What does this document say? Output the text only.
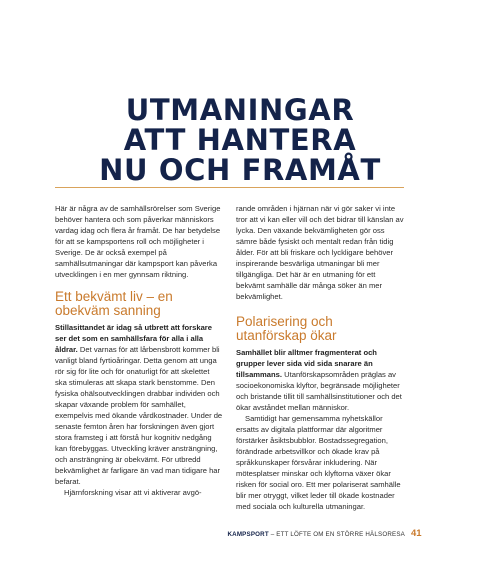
UTMANINGAR
ATT HANTERA
NU OCH FRAMÅT

Här är några av de samhällsrörelser som Sverige behöver hantera och som påverkar människors vardag idag och flera år framåt. De har betydelse för att se kampsportens roll och möjligheter i Sverige. De är också exempel på samhällsutmaningar där kampsport kan påverka utvecklingen i en mer gynnsam riktning.

Ett bekvämt liv – en
obekväm sanning

Stillasittandet är idag så utbrett att forskare ser det som en samhällsfara för alla i alla åldrar. Det varnas för att lårbensbrott kommer bli vanligt bland fyrtioåringar. Detta genom att unga rör sig för lite och för onaturligt för att skelettet ska stimuleras att skapa stark benstomme. Den fysiska ohälsoutvecklingen drabbar individen och skapar växande problem för samhället, exempelvis med ökande vårdkostnader. Under de senaste femton åren har forskningen även gjort stora framsteg i att förstå hur kognitiv nedgång kan förebyggas. Utveckling kräver ansträngning, och ansträngning är obekvämt. För utbredd bekvämlighet är farligare än vad man tidigare har befarat.

Hjärnforskning visar att vi aktiverar avgö-

rande områden i hjärnan när vi gör saker vi inte tror att vi kan eller vill och det bidrar till känslan av lycka. Den växande bekvämligheten gör oss sämre både fysiskt och mentalt redan från tidig ålder. För att bli friskare och lyckligare behöver inspirerande besvärliga utmaningar bli mer tillgängliga. Det här är en utmaning för ett bekvämt samhälle där många söker än mer bekvämlighet.

Polarisering och
utanförskap ökar

Samhället blir alltmer fragmenterat och grupper lever sida vid sida snarare än tillsammans. Utanförskapsområden präglas av socioekonomiska klyftor, begränsade möjligheter och bristande tillit till samhällsinstitutioner och det ökar avståndet mellan människor.

Samtidigt har gemensamma nyhetskällor ersatts av digitala plattformar där algoritmer förstärker åsiktsbubblor. Bostadssegregation, förändrade arbetsvillkor och ökade krav på språkkunskaper försvårar inkludering. När mötesplatser minskar och klyftorna växer ökar risken för social oro. Ett mer polariserat samhälle blir mer otryggt, vilket leder till ökade kostnader med sociala och kulturella utmaningar.

KAMPSPORT – ETT LÖFTE OM EN STÖRRE HÄLSORESA 41
